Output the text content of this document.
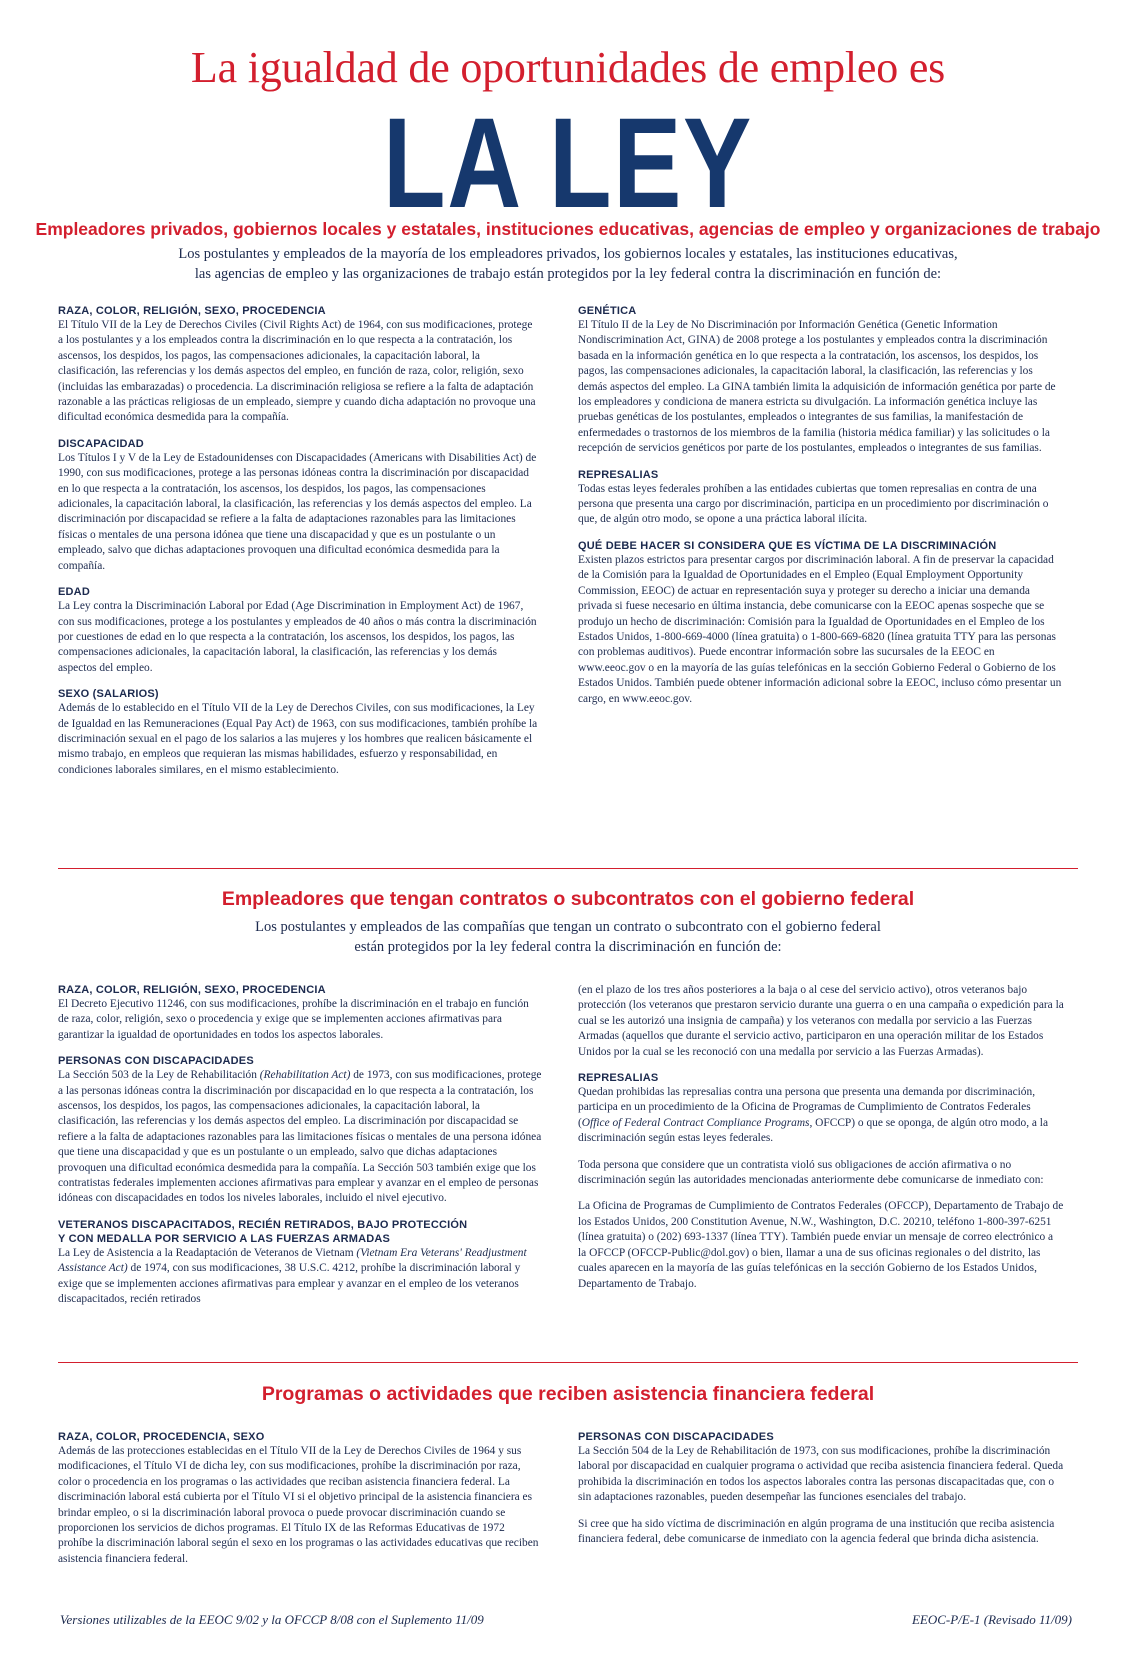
La igualdad de oportunidades de empleo es
LA LEY
Empleadores privados, gobiernos locales y estatales, instituciones educativas, agencias de empleo y organizaciones de trabajo
Los postulantes y empleados de la mayoría de los empleadores privados, los gobiernos locales y estatales, las instituciones educativas,
las agencias de empleo y las organizaciones de trabajo están protegidos por la ley federal contra la discriminación en función de:
RAZA, COLOR, RELIGIÓN, SEXO, PROCEDENCIA

El Título VII de la Ley de Derechos Civiles (Civil Rights Act) de 1964, con sus modificaciones, protege a los postulantes y a los empleados contra la discriminación en lo que respecta a la contratación, los ascensos, los despidos, los pagos, las compensaciones adicionales, la capacitación laboral, la clasificación, las referencias y los demás aspectos del empleo, en función de raza, color, religión, sexo (incluidas las embarazadas) o procedencia. La discriminación religiosa se refiere a la falta de adaptación razonable a las prácticas religiosas de un empleado, siempre y cuando dicha adaptación no provoque una dificultad económica desmedida para la compañía.

DISCAPACIDAD

Los Títulos I y V de la Ley de Estadounidenses con Discapacidades (Americans with Disabilities Act) de 1990, con sus modificaciones, protege a las personas idóneas contra la discriminación por discapacidad en lo que respecta a la contratación, los ascensos, los despidos, los pagos, las compensaciones adicionales, la capacitación laboral, la clasificación, las referencias y los demás aspectos del empleo. La discriminación por discapacidad se refiere a la falta de adaptaciones razonables para las limitaciones físicas o mentales de una persona idónea que tiene una discapacidad y que es un postulante o un empleado, salvo que dichas adaptaciones provoquen una dificultad económica desmedida para la compañía.

EDAD

La Ley contra la Discriminación Laboral por Edad (Age Discrimination in Employment Act) de 1967, con sus modificaciones, protege a los postulantes y empleados de 40 años o más contra la discriminación por cuestiones de edad en lo que respecta a la contratación, los ascensos, los despidos, los pagos, las compensaciones adicionales, la capacitación laboral, la clasificación, las referencias y los demás aspectos del empleo.

SEXO (SALARIOS)

Además de lo establecido en el Título VII de la Ley de Derechos Civiles, con sus modificaciones, la Ley de Igualdad en las Remuneraciones (Equal Pay Act) de 1963, con sus modificaciones, también prohíbe la discriminación sexual en el pago de los salarios a las mujeres y los hombres que realicen básicamente el mismo trabajo, en empleos que requieran las mismas habilidades, esfuerzo y responsabilidad, en condiciones laborales similares, en el mismo establecimiento.

GENÉTICA

El Título II de la Ley de No Discriminación por Información Genética (Genetic Information Nondiscrimination Act, GINA) de 2008 protege a los postulantes y empleados contra la discriminación basada en la información genética en lo que respecta a la contratación, los ascensos, los despidos, los pagos, las compensaciones adicionales, la capacitación laboral, la clasificación, las referencias y los demás aspectos del empleo. La GINA también limita la adquisición de información genética por parte de los empleadores y condiciona de manera estricta su divulgación. La información genética incluye las pruebas genéticas de los postulantes, empleados o integrantes de sus familias, la manifestación de enfermedades o trastornos de los miembros de la familia (historia médica familiar) y las solicitudes o la recepción de servicios genéticos por parte de los postulantes, empleados o integrantes de sus familias.

REPRESALIAS

Todas estas leyes federales prohíben a las entidades cubiertas que tomen represalias en contra de una persona que presenta una cargo por discriminación, participa en un procedimiento por discriminación o que, de algún otro modo, se opone a una práctica laboral ilícita.

QUÉ DEBE HACER SI CONSIDERA QUE ES VÍCTIMA DE LA DISCRIMINACIÓN

Existen plazos estrictos para presentar cargos por discriminación laboral. A fin de preservar la capacidad de la Comisión para la Igualdad de Oportunidades en el Empleo (Equal Employment Opportunity Commission, EEOC) de actuar en representación suya y proteger su derecho a iniciar una demanda privada si fuese necesario en última instancia, debe comunicarse con la EEOC apenas sospeche que se produjo un hecho de discriminación: Comisión para la Igualdad de Oportunidades en el Empleo de los Estados Unidos, 1-800-669-4000 (línea gratuita) o 1-800-669-6820 (línea gratuita TTY para las personas con problemas auditivos). Puede encontrar información sobre las sucursales de la EEOC en www.eeoc.gov o en la mayoría de las guías telefónicas en la sección Gobierno Federal o Gobierno de los Estados Unidos. También puede obtener información adicional sobre la EEOC, incluso cómo presentar un cargo, en www.eeoc.gov.

Empleadores que tengan contratos o subcontratos con el gobierno federal
Los postulantes y empleados de las compañías que tengan un contrato o subcontrato con el gobierno federal
están protegidos por la ley federal contra la discriminación en función de:
RAZA, COLOR, RELIGIÓN, SEXO, PROCEDENCIA

El Decreto Ejecutivo 11246, con sus modificaciones, prohíbe la discriminación en el trabajo en función de raza, color, religión, sexo o procedencia y exige que se implementen acciones afirmativas para garantizar la igualdad de oportunidades en todos los aspectos laborales.

PERSONAS CON DISCAPACIDADES

La Sección 503 de la Ley de Rehabilitación (Rehabilitation Act) de 1973, con sus modificaciones, protege a las personas idóneas contra la discriminación por discapacidad en lo que respecta a la contratación, los ascensos, los despidos, los pagos, las compensaciones adicionales, la capacitación laboral, la clasificación, las referencias y los demás aspectos del empleo. La discriminación por discapacidad se refiere a la falta de adaptaciones razonables para las limitaciones físicas o mentales de una persona idónea que tiene una discapacidad y que es un postulante o un empleado, salvo que dichas adaptaciones provoquen una dificultad económica desmedida para la compañía. La Sección 503 también exige que los contratistas federales implementen acciones afirmativas para emplear y avanzar en el empleo de personas idóneas con discapacidades en todos los niveles laborales, incluido el nivel ejecutivo.

VETERANOS DISCAPACITADOS, RECIÉN RETIRADOS, BAJO PROTECCIÓN
Y CON MEDALLA POR SERVICIO A LAS FUERZAS ARMADAS

La Ley de Asistencia a la Readaptación de Veteranos de Vietnam (Vietnam Era Veterans' Readjustment Assistance Act) de 1974, con sus modificaciones, 38 U.S.C. 4212, prohíbe la discriminación laboral y exige que se implementen acciones afirmativas para emplear y avanzar en el empleo de los veteranos discapacitados, recién retirados

(en el plazo de los tres años posteriores a la baja o al cese del servicio activo), otros veteranos bajo protección (los veteranos que prestaron servicio durante una guerra o en una campaña o expedición para la cual se les autorizó una insignia de campaña) y los veteranos con medalla por servicio a las Fuerzas Armadas (aquellos que durante el servicio activo, participaron en una operación militar de los Estados Unidos por la cual se les reconoció con una medalla por servicio a las Fuerzas Armadas).

REPRESALIAS

Quedan prohibidas las represalias contra una persona que presenta una demanda por discriminación, participa en un procedimiento de la Oficina de Programas de Cumplimiento de Contratos Federales (Office of Federal Contract Compliance Programs, OFCCP) o que se oponga, de algún otro modo, a la discriminación según estas leyes federales.

Toda persona que considere que un contratista violó sus obligaciones de acción afirmativa o no discriminación según las autoridades mencionadas anteriormente debe comunicarse de inmediato con:

La Oficina de Programas de Cumplimiento de Contratos Federales (OFCCP), Departamento de Trabajo de los Estados Unidos, 200 Constitution Avenue, N.W., Washington, D.C. 20210, teléfono 1-800-397-6251 (línea gratuita) o (202) 693-1337 (línea TTY). También puede enviar un mensaje de correo electrónico a la OFCCP (OFCCP-Public@dol.gov) o bien, llamar a una de sus oficinas regionales o del distrito, las cuales aparecen en la mayoría de las guías telefónicas en la sección Gobierno de los Estados Unidos, Departamento de Trabajo.

Programas o actividades que reciben asistencia financiera federal
RAZA, COLOR, PROCEDENCIA, SEXO

Además de las protecciones establecidas en el Título VII de la Ley de Derechos Civiles de 1964 y sus modificaciones, el Título VI de dicha ley, con sus modificaciones, prohíbe la discriminación por raza, color o procedencia en los programas o las actividades que reciban asistencia financiera federal. La discriminación laboral está cubierta por el Título VI si el objetivo principal de la asistencia financiera es brindar empleo, o si la discriminación laboral provoca o puede provocar discriminación cuando se proporcionen los servicios de dichos programas. El Título IX de las Reformas Educativas de 1972 prohíbe la discriminación laboral según el sexo en los programas o las actividades educativas que reciben asistencia financiera federal.

PERSONAS CON DISCAPACIDADES

La Sección 504 de la Ley de Rehabilitación de 1973, con sus modificaciones, prohíbe la discriminación laboral por discapacidad en cualquier programa o actividad que reciba asistencia financiera federal. Queda prohibida la discriminación en todos los aspectos laborales contra las personas discapacitadas que, con o sin adaptaciones razonables, pueden desempeñar las funciones esenciales del trabajo.

Si cree que ha sido víctima de discriminación en algún programa de una institución que reciba asistencia financiera federal, debe comunicarse de inmediato con la agencia federal que brinda dicha asistencia.

Versiones utilizables de la EEOC 9/02 y la OFCCP 8/08 con el Suplemento 11/09	EEOC-P/E-1 (Revisado 11/09)
